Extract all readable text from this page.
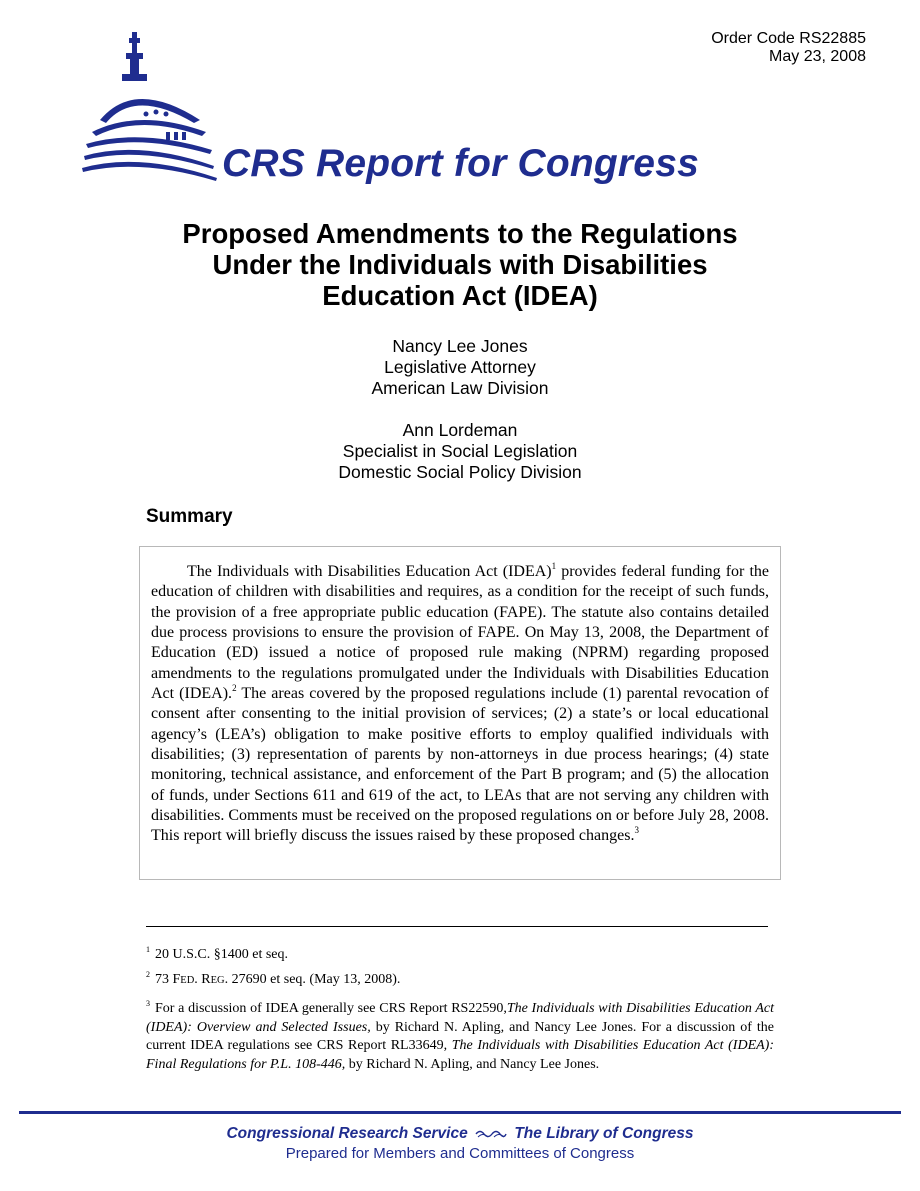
Order Code RS22885
May 23, 2008
CRS Report for Congress
Proposed Amendments to the Regulations
Under the Individuals with Disabilities
Education Act (IDEA)
Nancy Lee Jones
Legislative Attorney
American Law Division
Ann Lordeman
Specialist in Social Legislation
Domestic Social Policy Division
Summary

The Individuals with Disabilities Education Act (IDEA)$^1$ provides federal funding for the education of children with disabilities and requires, as a condition for the receipt of such funds, the provision of a free appropriate public education (FAPE). The statute also contains detailed due process provisions to ensure the provision of FAPE. On May 13, 2008, the Department of Education (ED) issued a notice of proposed rule making (NPRM) regarding proposed amendments to the regulations promulgated under the Individuals with Disabilities Education Act (IDEA).$^2$ The areas covered by the proposed regulations include (1) parental revocation of consent after consenting to the initial provision of services; (2) a state’s or local educational agency’s (LEA’s) obligation to make positive efforts to employ qualified individuals with disabilities; (3) representation of parents by non-attorneys in due process hearings; (4) state monitoring, technical assistance, and enforcement of the Part B program; and (5) the allocation of funds, under Sections 611 and 619 of the act, to LEAs that are not serving any children with disabilities. Comments must be received on the proposed regulations on or before July 28, 2008. This report will briefly discuss the issues raised by these proposed changes.$^3$

$^1$ 20 U.S.C. §1400 et seq.

$^2$ 73 FED. REG. 27690 et seq. (May 13, 2008).

$^3$ For a discussion of IDEA generally see CRS Report RS22590,The Individuals with Disabilities Education Act (IDEA): Overview and Selected Issues, by Richard N. Apling, and Nancy Lee Jones. For a discussion of the current IDEA regulations see CRS Report RL33649, The Individuals with Disabilities Education Act (IDEA): Final Regulations for P.L. 108-446, by Richard N. Apling, and Nancy Lee Jones.

Congressional Research Service	The Library of Congress
Prepared for Members and Committees of Congress
